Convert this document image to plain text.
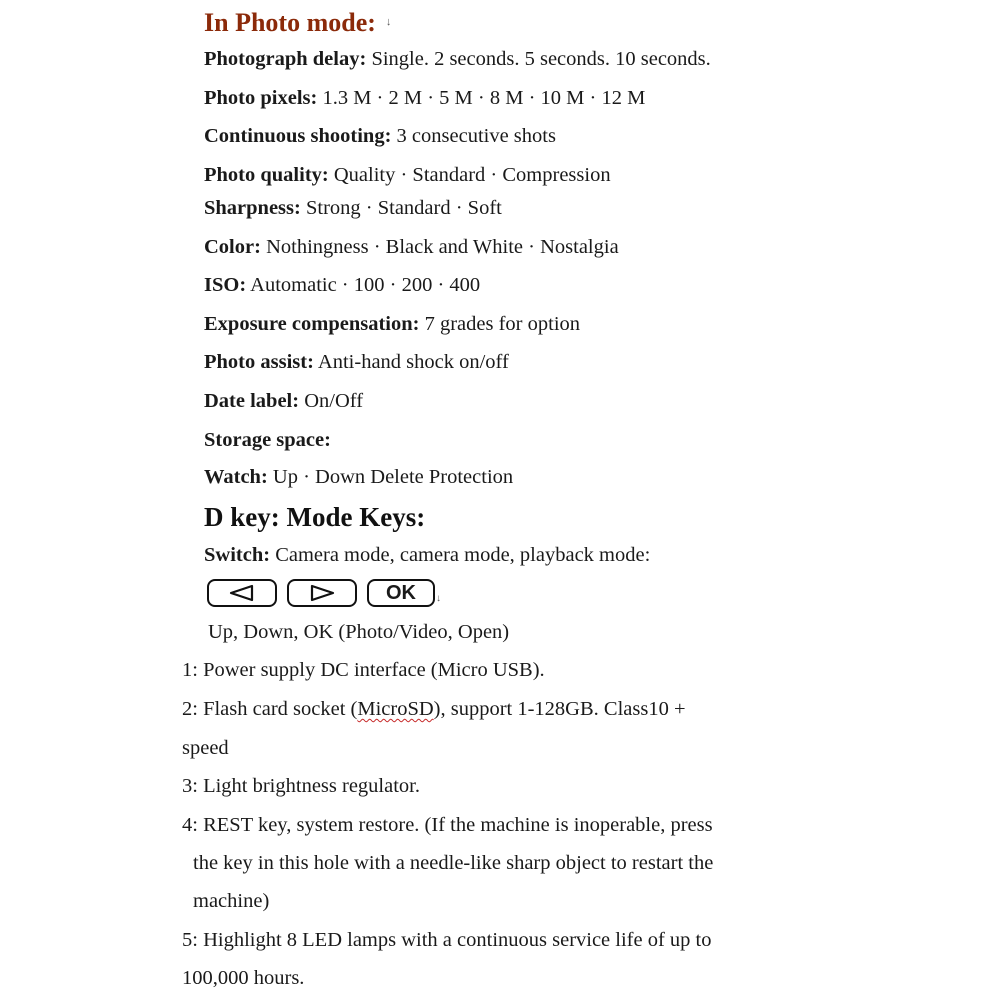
In Photo mode: ↓
Photograph delay: Single. 2 seconds. 5 seconds. 10 seconds.
Photo pixels: 1.3 M · 2 M · 5 M · 8 M · 10 M · 12 M
Continuous shooting: 3 consecutive shots
Photo quality: Quality · Standard · Compression
Sharpness: Strong · Standard · Soft
Color: Nothingness · Black and White · Nostalgia
ISO: Automatic · 100 · 200 · 400
Exposure compensation: 7 grades for option
Photo assist: Anti-hand shock on/off
Date label: On/Off
Storage space:
Watch: Up · Down Delete Protection
D key: Mode Keys:
Switch: Camera mode, camera mode, playback mode:
OK ↓
Up, Down, OK (Photo/Video, Open)
1: Power supply DC interface (Micro USB).
2: Flash card socket (MicroSD), support 1-128GB. Class10 +
speed
3: Light brightness regulator.
4: REST key, system restore. (If the machine is inoperable, press
the key in this hole with a needle-like sharp object to restart the
machine)
5: Highlight 8 LED lamps with a continuous service life of up to
100,000 hours.
